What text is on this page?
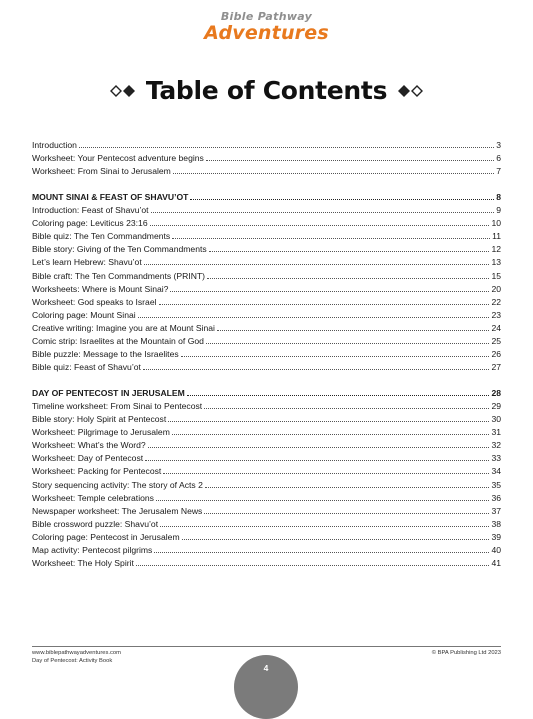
Bible Pathway
Adventures
Table of Contents
Introduction	3
Worksheet: Your Pentecost adventure begins	6
Worksheet: From Sinai to Jerusalem	7
MOUNT SINAI & FEAST OF SHAVU’OT	8
Introduction: Feast of Shavu’ot	9
Coloring page: Leviticus 23:16	10
Bible quiz: The Ten Commandments	11
Bible story: Giving of the Ten Commandments	12
Let’s learn Hebrew: Shavu’ot	13
Bible craft: The Ten Commandments (PRINT)	15
Worksheets: Where is Mount Sinai?	20
Worksheet: God speaks to Israel	22
Coloring page: Mount Sinai	23
Creative writing: Imagine you are at Mount Sinai	24
Comic strip: Israelites at the Mountain of God	25
Bible puzzle: Message to the Israelites	26
Bible quiz: Feast of Shavu’ot	27
DAY OF PENTECOST IN JERUSALEM	28
Timeline worksheet: From Sinai to Pentecost	29
Bible story: Holy Spirit at Pentecost	30
Worksheet: Pilgrimage to Jerusalem	31
Worksheet: What’s the Word?	32
Worksheet: Day of Pentecost	33
Worksheet: Packing for Pentecost	34
Story sequencing activity: The story of Acts 2	35
Worksheet: Temple celebrations	36
Newspaper worksheet: The Jerusalem News	37
Bible crossword puzzle: Shavu’ot	38
Coloring page: Pentecost in Jerusalem	39
Map activity: Pentecost pilgrims	40
Worksheet: The Holy Spirit	41
www.biblepathwayadventures.com
Day of Pentecost: Activity Book
© BPA Publishing Ltd 2023
4
